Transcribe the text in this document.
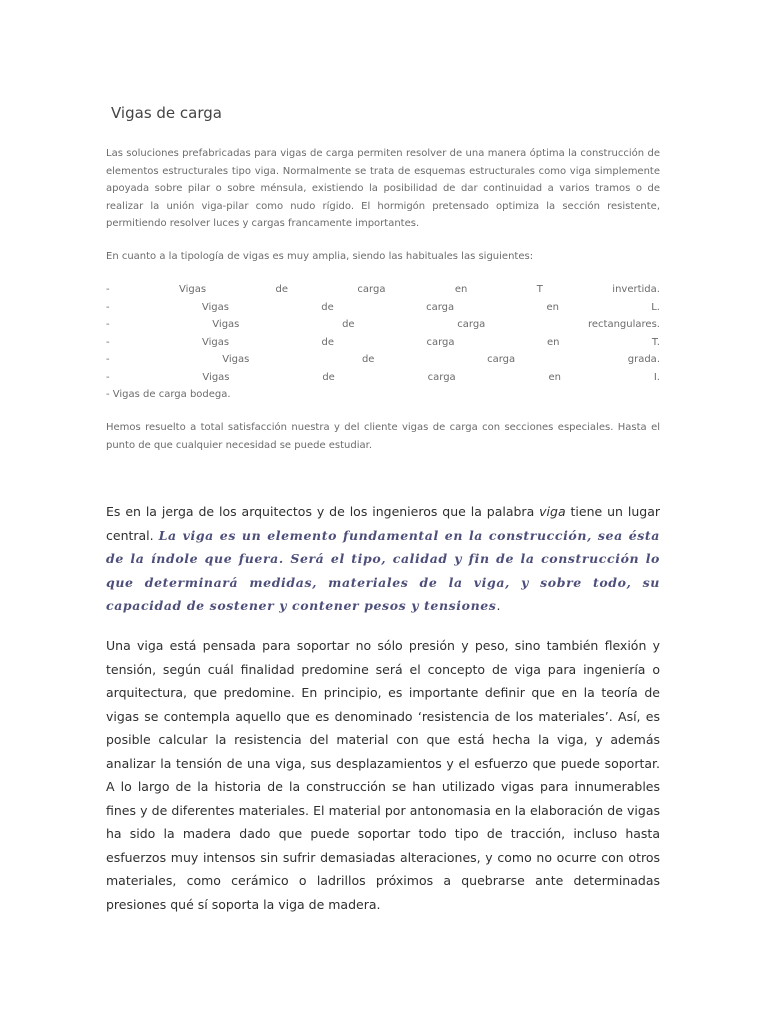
Vigas de carga

Las soluciones prefabricadas para vigas de carga permiten resolver de una manera óptima la construcción de elementos estructurales tipo viga. Normalmente se trata de esquemas estructurales como viga simplemente apoyada sobre pilar o sobre ménsula, existiendo la posibilidad de dar continuidad a varios tramos o de realizar la unión viga-pilar como nudo rígido. El hormigón pretensado optimiza la sección resistente, permitiendo resolver luces y cargas francamente importantes.

En cuanto a la tipología de vigas es muy amplia, siendo las habituales las siguientes:

-	Vigas	de	carga	en	T	invertida.
-	Vigas	de	carga	en	L.
-	Vigas	de	carga	rectangulares.
-	Vigas	de	carga	en	T.
-	Vigas	de	carga	grada.
-	Vigas	de	carga	en	I.
- Vigas de carga bodega.

Hemos resuelto a total satisfacción nuestra y del cliente vigas de carga con secciones especiales. Hasta el punto de que cualquier necesidad se puede estudiar.

Es en la jerga de los arquitectos y de los ingenieros que la palabra viga tiene un lugar central. La viga es un elemento fundamental en la construcción, sea ésta de la índole que fuera. Será el tipo, calidad y fin de la construcción lo que determinará medidas, materiales de la viga, y sobre todo, su capacidad de sostener y contener pesos y tensiones.

Una viga está pensada para soportar no sólo presión y peso, sino también flexión y tensión, según cuál finalidad predomine será el concepto de viga para ingeniería o arquitectura, que predomine. En principio, es importante definir que en la teoría de vigas se contempla aquello que es denominado ‘resistencia de los materiales’. Así, es posible calcular la resistencia del material con que está hecha la viga, y además analizar la tensión de una viga, sus desplazamientos y el esfuerzo que puede soportar. A lo largo de la historia de la construcción se han utilizado vigas para innumerables fines y de diferentes materiales. El material por antonomasia en la elaboración de vigas ha sido la madera dado que puede soportar todo tipo de tracción, incluso hasta esfuerzos muy intensos sin sufrir demasiadas alteraciones, y como no ocurre con otros materiales, como cerámico o ladrillos próximos a quebrarse ante determinadas presiones qué sí soporta la viga de madera.
